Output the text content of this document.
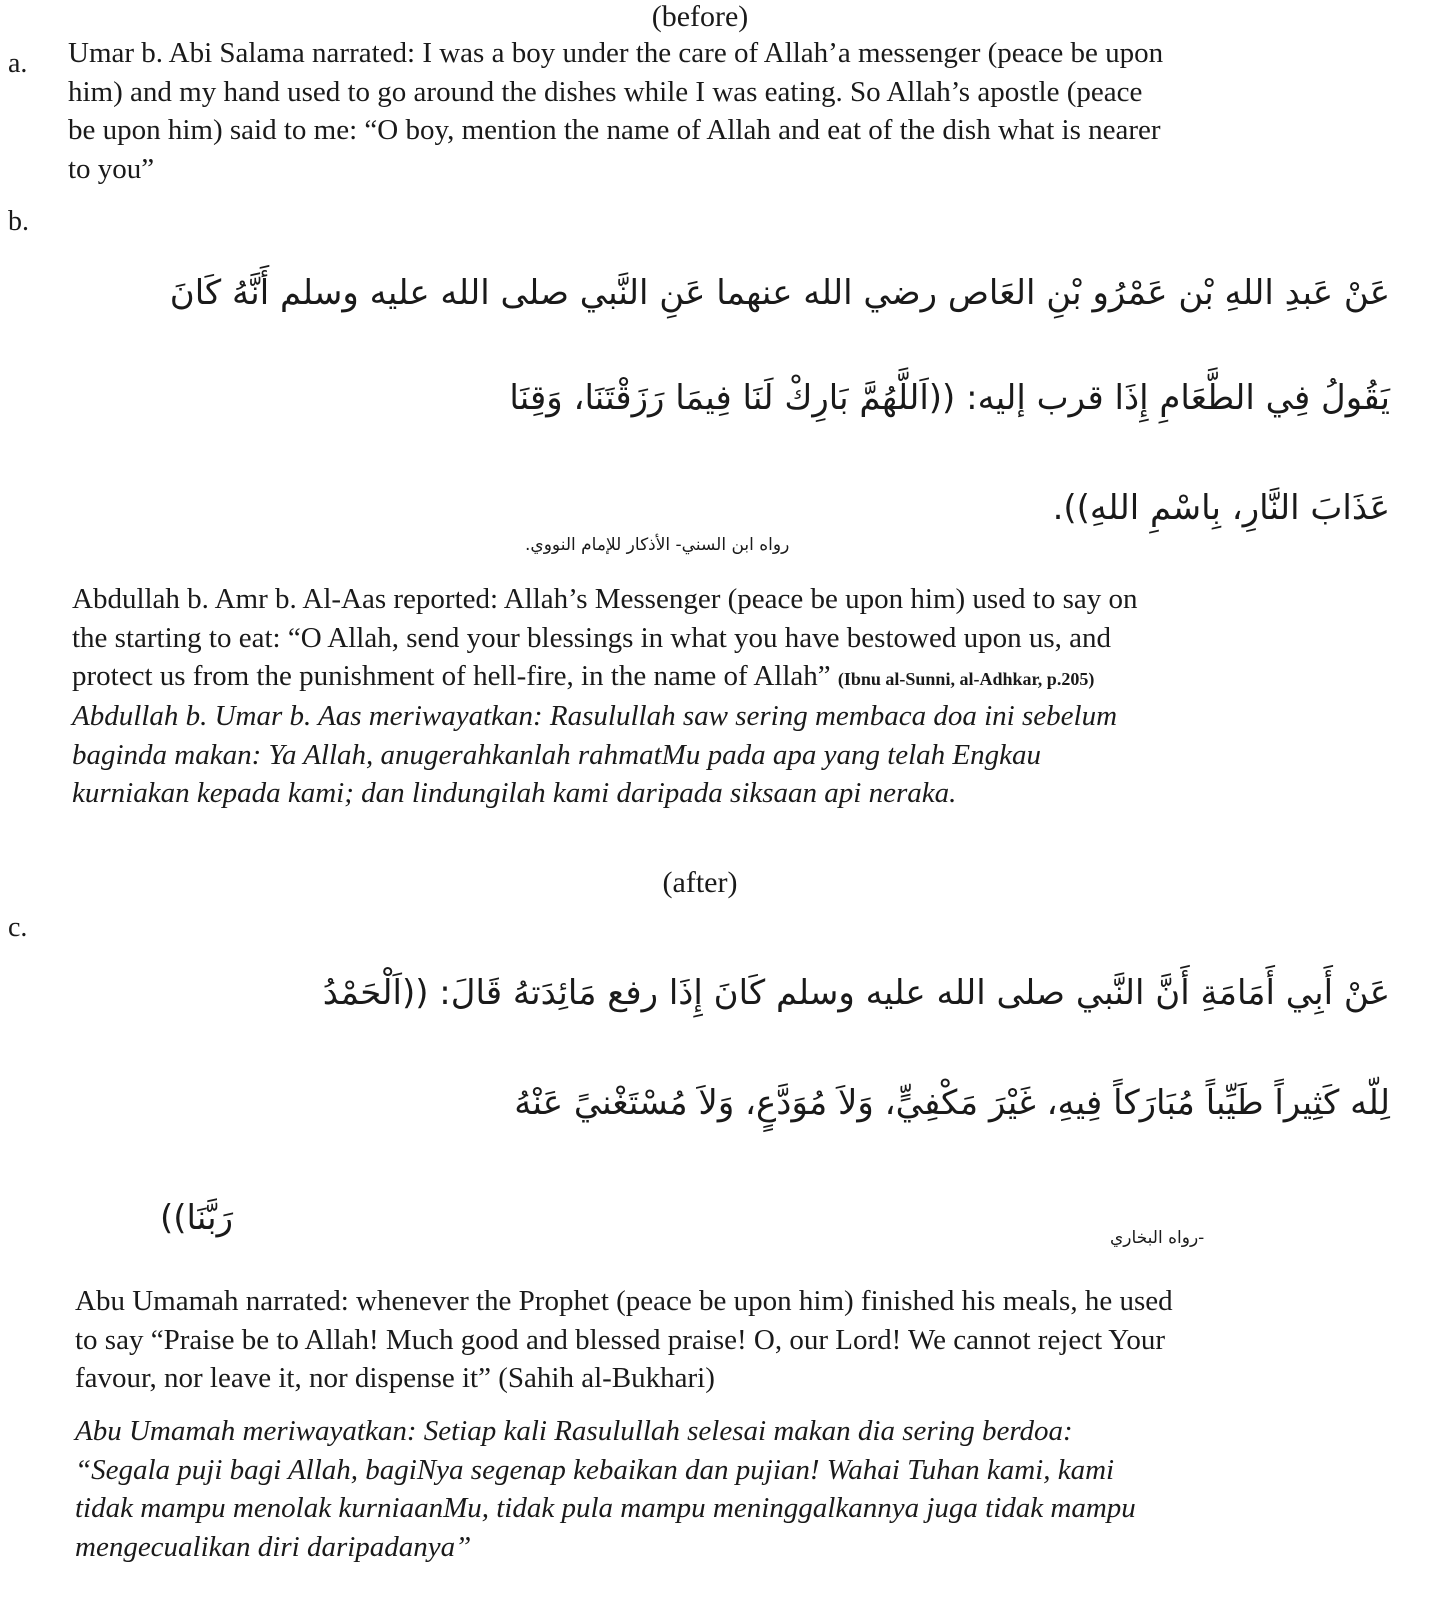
(before)
a. Umar b. Abi Salama narrated: I was a boy under the care of Allah’a messenger (peace be upon
him) and my hand used to go around the dishes while I was eating. So Allah’s apostle (peace
be upon him) said to me: “O boy, mention the name of Allah and eat of the dish what is nearer
to you”
b.
عَنْ عَبدِ اللهِ بْن عَمْرُو بْنِ العَاص رضي الله عنهما عَنِ النَّبي صلى الله عليه وسلم أَنَّهُ كَانَ
يَقُولُ فِي الطَّعَامِ إِذَا قرب إليه: ((اَللَّهُمَّ بَارِكْ لَنَا فِيمَا رَزَقْتَنَا، وَقِنَا
عَذَابَ النَّارِ، بِاسْمِ اللهِ)).
رواه ابن السني- الأذكار للإمام النووي.
Abdullah b. Amr b. Al-Aas reported: Allah’s Messenger (peace be upon him) used to say on
the starting to eat: “O Allah, send your blessings in what you have bestowed upon us, and
protect us from the punishment of hell-fire, in the name of Allah” (Ibnu al-Sunni, al-Adhkar, p.205)
Abdullah b. Umar b. Aas meriwayatkan: Rasulullah saw sering membaca doa ini sebelum
baginda makan: Ya Allah, anugerahkanlah rahmatMu pada apa yang telah Engkau
kurniakan kepada kami; dan lindungilah kami daripada siksaan api neraka.
(after)
c.
عَنْ أَبِي أَمَامَةِ أَنَّ النَّبي صلى الله عليه وسلم كَانَ إِذَا رفع مَائِدَتهُ قَالَ: ((اَلْحَمْدُ
لِلّه كَثِيراً طَيِّباً مُبَارَكاً فِيهِ، غَيْرَ مَكْفِيٍّ، وَلاَ مُوَدَّعٍ، وَلاَ مُسْتَغْنيً عَنْهُ
رَبَّنَا))	-رواه البخاري
Abu Umamah narrated: whenever the Prophet (peace be upon him) finished his meals, he used
to say “Praise be to Allah! Much good and blessed praise! O, our Lord! We cannot reject Your
favour, nor leave it, nor dispense it” (Sahih al-Bukhari)
Abu Umamah meriwayatkan: Setiap kali Rasulullah selesai makan dia sering berdoa:
“Segala puji bagi Allah, bagiNya segenap kebaikan dan pujian! Wahai Tuhan kami, kami
tidak mampu menolak kurniaanMu, tidak pula mampu meninggalkannya juga tidak mampu
mengecualikan diri daripadanya”
